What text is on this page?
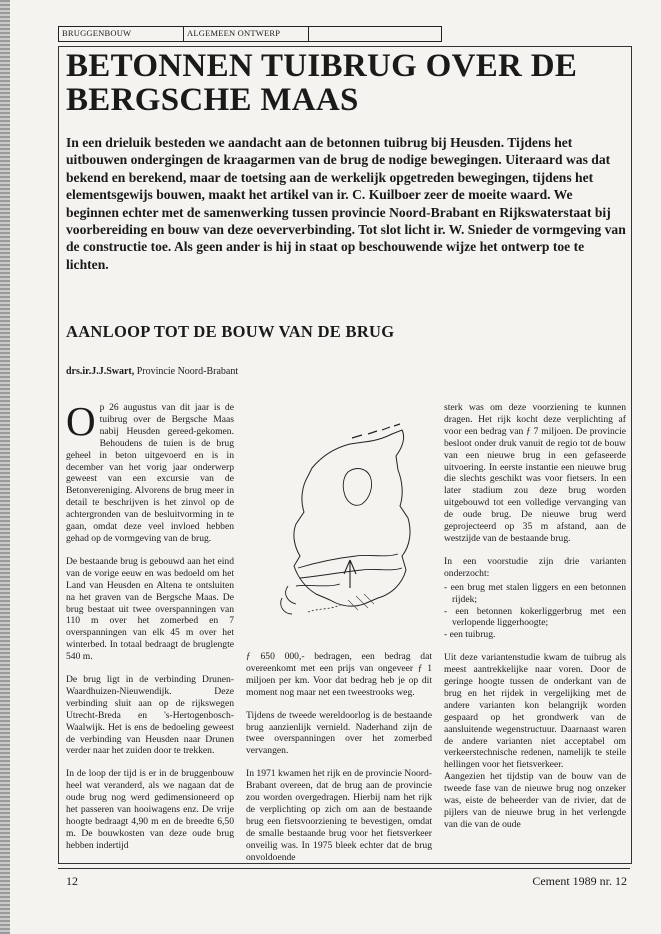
BRUGGENBOUW	ALGEMEEN ONTWERP
BETONNEN TUIBRUG OVER DE BERGSCHE MAAS

In een drieluik besteden we aandacht aan de betonnen tuibrug bij Heusden. Tijdens het uitbouwen ondergingen de kraagarmen van de brug de nodige bewegingen. Uiteraard was dat bekend en berekend, maar de toetsing aan de werkelijk opgetreden bewegingen, tijdens het elementsgewijs bouwen, maakt het artikel van ir. C. Kuilboer zeer de moeite waard. We beginnen echter met de samenwerking tussen provincie Noord-Brabant en Rijkswaterstaat bij voorbereiding en bouw van deze oeververbinding. Tot slot licht ir. W. Snieder de vormgeving van de constructie toe. Als geen ander is hij in staat op beschouwende wijze het ontwerp toe te lichten.

AANLOOP TOT DE BOUW VAN DE BRUG

drs.ir.J.J.Swart, Provincie Noord-Brabant

Op 26 augustus van dit jaar is de tuibrug over de Bergsche Maas nabij Heusden gereed-gekomen. Behoudens de tuien is de brug geheel in beton uitgevoerd en is in december van het vorig jaar onderwerp geweest van een excursie van de Betonvereniging. Alvorens de brug meer in detail te beschrijven is het zinvol op de achtergronden van de besluitvorming in te gaan, omdat deze veel invloed hebben gehad op de vormgeving van de brug.

De bestaande brug is gebouwd aan het eind van de vorige eeuw en was bedoeld om het Land van Heusden en Altena te ontsluiten na het graven van de Bergsche Maas. De brug bestaat uit twee overspanningen van 110 m over het zomerbed en 7 overspanningen van elk 45 m over het winterbed. In totaal bedraagt de bruglengte 540 m.

De brug ligt in de verbinding Drunen-Waardhuizen-Nieuwendijk. Deze verbinding sluit aan op de rijkswegen Utrecht-Breda en 's-Hertogenbosch-Waalwijk. Het is ens de bedoeling geweest de verbinding van Heusden naar Drunen verder naar het zuiden door te trekken.

In de loop der tijd is er in de bruggenbouw heel wat veranderd, als we nagaan dat de oude brug nog werd gedimensioneerd op het passeren van hooiwagens enz. De vrije hoogte bedraagt 4,90 m en de breedte 6,50 m. De bouwkosten van deze oude brug hebben indertijd

ƒ 650 000,- bedragen, een bedrag dat overeenkomt met een prijs van ongeveer ƒ 1 miljoen per km. Voor dat bedrag heb je op dit moment nog maar net een tweestrooks weg.

Tijdens de tweede wereldoorlog is de bestaande brug aanzienlijk vernield. Naderhand zijn de twee overspanningen over het zomerbed vervangen.

In 1971 kwamen het rijk en de provincie Noord-Brabant overeen, dat de brug aan de provincie zou worden overgedragen. Hierbij nam het rijk de verplichting op zich om aan de bestaande brug een fietsvoorziening te bevestigen, omdat de smalle bestaande brug voor het fietsverkeer onveilig was. In 1975 bleek echter dat de brug onvoldoende

sterk was om deze voorziening te kunnen dragen. Het rijk kocht deze verplichting af voor een bedrag van ƒ 7 miljoen. De provincie besloot onder druk vanuit de regio tot de bouw van een nieuwe brug in een gefaseerde uitvoering. In eerste instantie een nieuwe brug die slechts geschikt was voor fietsers. In een later stadium zou deze brug worden uitgebouwd tot een volledige vervanging van de oude brug. De nieuwe brug werd geprojecteerd op 35 m afstand, aan de westzijde van de bestaande brug.

In een voorstudie zijn drie varianten onderzocht:

- een brug met stalen liggers en een betonnen rijdek;
- een betonnen kokerliggerbrug met een verlopende liggerhoogte;
- een tuibrug.

Uit deze variantenstudie kwam de tuibrug als meest aantrekkelijke naar voren. Door de geringe hoogte tussen de onderkant van de brug en het rijdek in vergelijking met de andere varianten kon belangrijk worden gespaard op het grondwerk van de aansluitende wegenstructuur. Daarnaast waren de andere varianten niet acceptabel om verkeerstechnische redenen, namelijk te steile hellingen voor het fietsverkeer.

Aangezien het tijdstip van de bouw van de tweede fase van de nieuwe brug nog onzeker was, eiste de beheerder van de rivier, dat de pijlers van de nieuwe brug in het verlengde van die van de oude

12	Cement 1989 nr. 12
